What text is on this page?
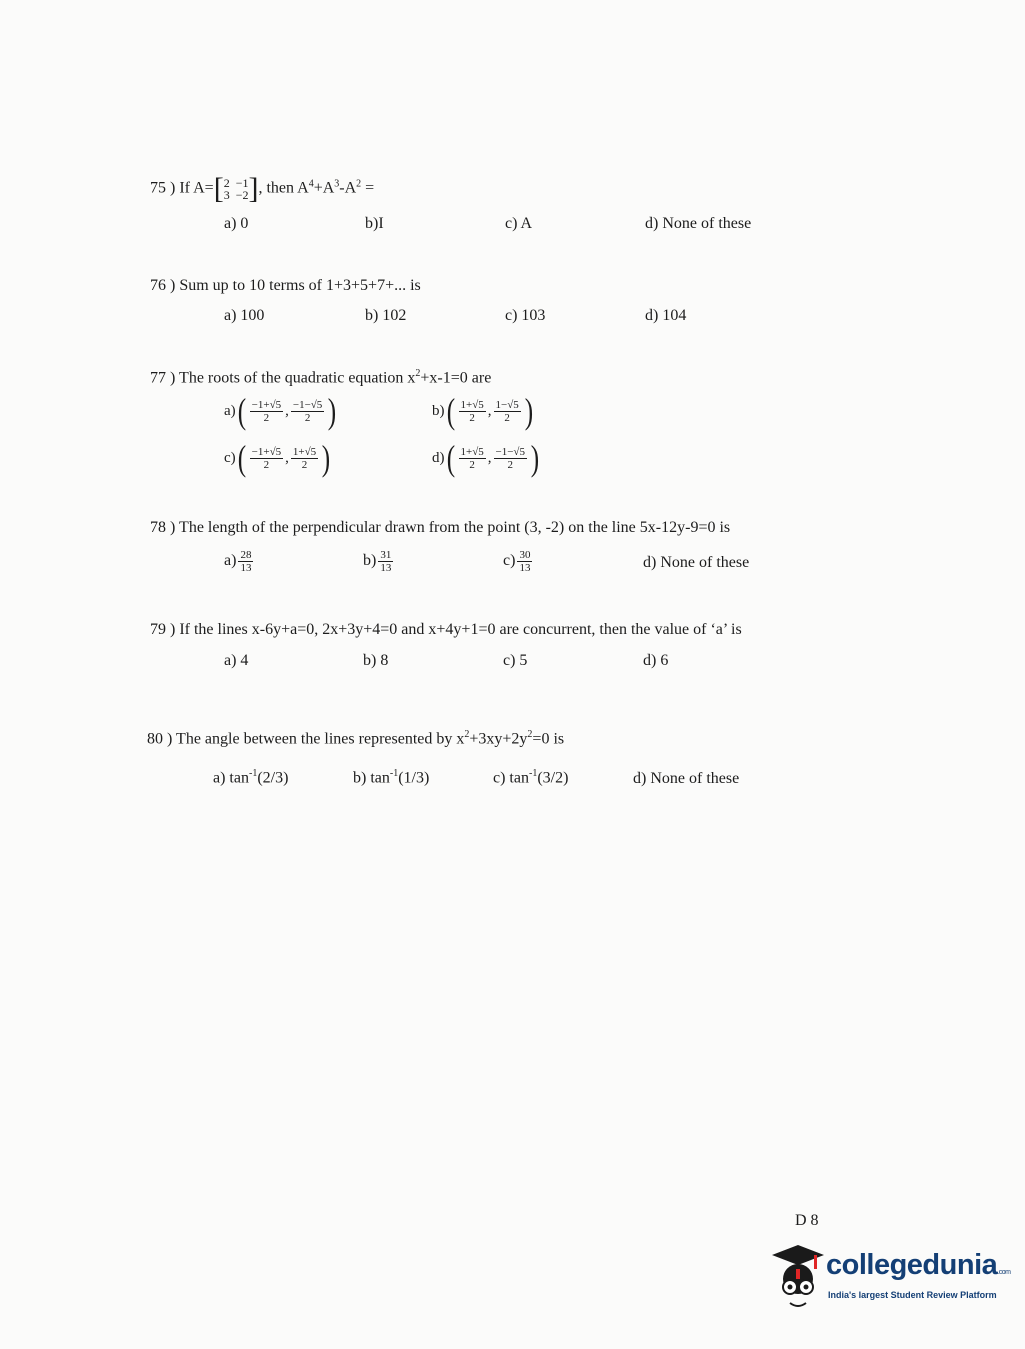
75 ) If A= [ 2 −1
3 −2 ] , then $A^4+A^3-A^2$ =
a) 0	b)I	c) A	d) None of these
76 ) Sum up to 10 terms of 1+3+5+7+... is
a) 100	b) 102	c) 103	d) 104
77 ) The roots of the quadratic equation $x^2+x-1=0$ are
a) ( $\frac{-1+√5}{2}$ , $\frac{-1-√5}{2}$ )	b) ( $\frac{1+√5}{2}$ , $\frac{1-√5}{2}$ )
c) ( $\frac{-1+√5}{2}$ , $\frac{1+√5}{2}$ )	d) ( $\frac{1+√5}{2}$ , $\frac{-1-√5}{2}$ )
78 ) The length of the perpendicular drawn from the point (3, -2) on the line 5x-12y-9=0 is
$a) \frac{28}{13}$	$b) \frac{31}{13}$	$c) \frac{30}{13}$	d) None of these
79 ) If the lines x-6y+a=0, 2x+3y+4=0 and x+4y+1=0 are concurrent, then the value of ‘a’ is
a) 4	b) 8	c) 5	d) 6
80 ) The angle between the lines represented by $x^2+3xy+2y^2=0$ is
a) $\tan^{-1}(2/3)$	b) $\tan^{-1}(1/3)$	c) $\tan^{-1}(3/2)$	d) None of these
D 8
collegedunia.com
India's largest Student Review Platform
